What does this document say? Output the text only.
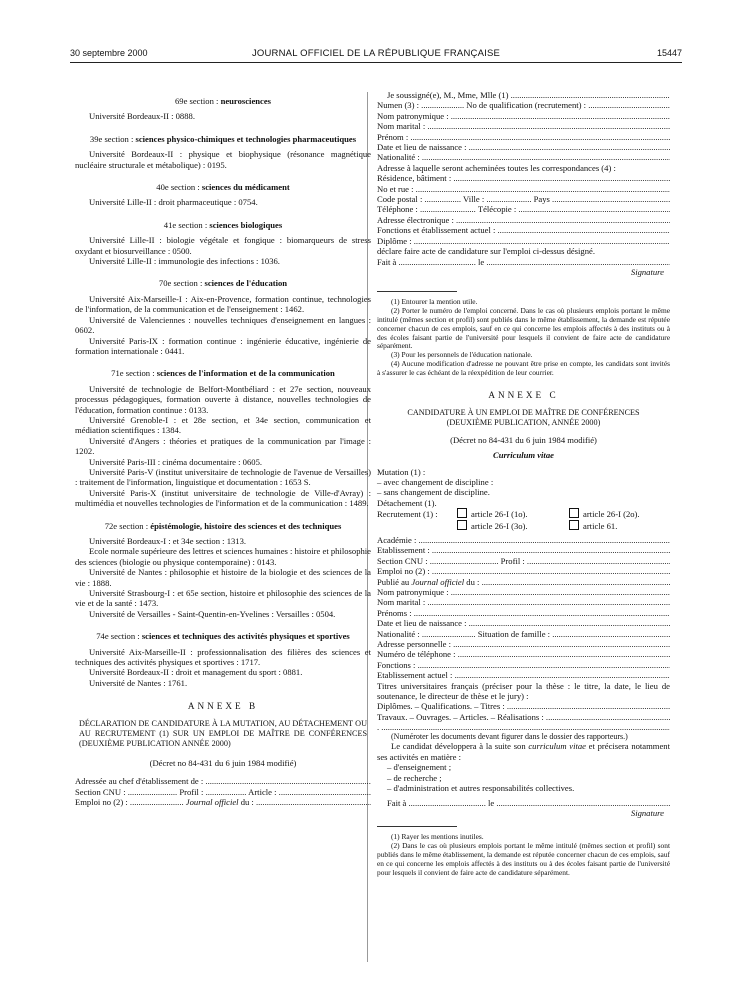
30 septembre 2000	JOURNAL OFFICIEL DE LA RÉPUBLIQUE FRANÇAISE	15447

69e section : neurosciences

Université Bordeaux-II : 0888.

39e section : sciences physico-chimiques et technologies pharmaceutiques

Université Bordeaux-II : physique et biophysique (résonance magnétique nucléaire structurale et métabolique) : 0195.

40e section : sciences du médicament

Université Lille-II : droit pharmaceutique : 0754.

41e section : sciences biologiques

Université Lille-II : biologie végétale et fongique : biomarqueurs de stress oxydant et biosurveillance : 0500.

Université Lille-II : immunologie des infections : 1036.

70e section : sciences de l'éducation

Université Aix-Marseille-I : Aix-en-Provence, formation continue, technologies de l'information, de la communication et de l'enseignement : 1462.

Université de Valenciennes : nouvelles techniques d'enseignement en langues : 0602.

Université Paris-IX : formation continue : ingénierie éducative, ingénierie de formation internationale : 0441.

71e section : sciences de l'information et de la communication

Université de technologie de Belfort-Montbéliard : et 27e section, nouveaux processus pédagogiques, formation ouverte à distance, nouvelles technologies de l'éducation, formation continue : 0133.

Université Grenoble-I : et 28e section, et 34e section, communication et médiation scientifiques : 1384.

Université d'Angers : théories et pratiques de la communication par l'image : 1202.

Université Paris-III : cinéma documentaire : 0605.

Université Paris-V (institut universitaire de technologie de l'avenue de Versailles) : traitement de l'information, linguistique et documentation : 1653 S.

Université Paris-X (institut universitaire de technologie de Ville-d'Avray) : multimédia et nouvelles technologies de l'information et de la communication : 1489.

72e section : épistémologie, histoire des sciences et des techniques

Université Bordeaux-I : et 34e section : 1313.

Ecole normale supérieure des lettres et sciences humaines : histoire et philosophie des sciences (biologie ou physique contemporaine) : 0143.

Université de Nantes : philosophie et histoire de la biologie et des sciences de la vie : 1888.

Université Strasbourg-I : et 65e section, histoire et philosophie des sciences de la vie et de la santé : 1473.

Université de Versailles - Saint-Quentin-en-Yvelines : Versailles : 0504.

74e section : sciences et techniques des activités physiques et sportives

Université Aix-Marseille-II : professionnalisation des filières des sciences et techniques des activités physiques et sportives : 1717.

Université Bordeaux-II : droit et management du sport : 0881.

Université de Nantes : 1761.

ANNEXE B

DÉCLARATION DE CANDIDATURE À LA MUTATION, AU DÉTACHEMENT OU AU RECRUTEMENT (1) SUR UN EMPLOI DE MAÎTRE DE CONFÉRENCES (DEUXIÈME PUBLICATION ANNÉE 2000)

(Décret no 84-431 du 6 juin 1984 modifié)

Adressée au chef d'établissement de : .....

Section CNU : ....................... Profil : ................... Article : .....

Emploi no (2) : ......................... Journal officiel du : .....

Je soussigné(e), M., Mme, Mlle (1) .....

Numen (3) : .................... No de qualification (recrutement) : .....

Nom patronymique : .....

Nom marital : .....

Prénom : .....

Date et lieu de naissance : .....

Nationalité : .....

Adresse à laquelle seront acheminées toutes les correspondances (4) :

Résidence, bâtiment : .....

No et rue : .....

Code postal : ................. Ville : ..................... Pays .....

Téléphone : .......................... Télécopie : .....

Adresse électronique : .....

Fonctions et établissement actuel : .....

Diplôme : .....

déclare faire acte de candidature sur l'emploi ci-dessus désigné.

Fait à .................................... le .....

Signature

(1) Entourer la mention utile.

(2) Porter le numéro de l'emploi concerné. Dans le cas où plusieurs emplois portant le même intitulé (mêmes section et profil) sont publiés dans le même établissement, la demande est réputée concerner chacun de ces emplois, sauf en ce qui concerne les emplois affectés à des instituts ou à des écoles faisant partie de l'université pour lesquels il convient de faire acte de candidature séparément.

(3) Pour les personnels de l'éducation nationale.

(4) Aucune modification d'adresse ne pouvant être prise en compte, les candidats sont invités à s'assurer le cas échéant de la réexpédition de leur courrier.

ANNEXE C

CANDIDATURE À UN EMPLOI DE MAÎTRE DE CONFÉRENCES

(DEUXIÈME PUBLICATION, ANNÉE 2000)

(Décret no 84-431 du 6 juin 1984 modifié)

Curriculum vitae

Mutation (1) :

– avec changement de discipline :

– sans changement de discipline.

Détachement (1).

Recrutement (1) :	article 26-I (1o).	article 26-I (2o).

article 26-I (3o).	article 61.

Académie : .....

Etablissement : .....

Section CNU : ................................ Profil : .....

Emploi no (2) : .....

Publié au Journal officiel du : .....

Nom patronymique : .....

Nom marital : .....

Prénoms : .....

Date et lieu de naissance : .....

Nationalité : ......................... Situation de famille : .....

Adresse personnelle : .....

Numéro de téléphone : .....

Fonctions : .....

Etablissement actuel : .....

Titres universitaires français (préciser pour la thèse : le titre, la date, le lieu de soutenance, le directeur de thèse et le jury) :

Diplômes. – Qualifications. – Titres : .....

Travaux. – Ouvrages. – Articles. – Réalisations : .....

. .....

(Numéroter les documents devant figurer dans le dossier des rapporteurs.)

Le candidat développera à la suite son curriculum vitae et précisera notamment ses activités en matière :

– d'enseignement ;

– de recherche ;

– d'administration et autres responsabilités collectives.

Fait à .................................... le .....

Signature

(1) Rayer les mentions inutiles.

(2) Dans le cas où plusieurs emplois portant le même intitulé (mêmes section et profil) sont publiés dans le même établissement, la demande est réputée concerner chacun de ces emplois, sauf en ce qui concerne les emplois affectés à des instituts ou à des écoles faisant partie de l'université pour lesquels il convient de faire acte de candidature séparément.
